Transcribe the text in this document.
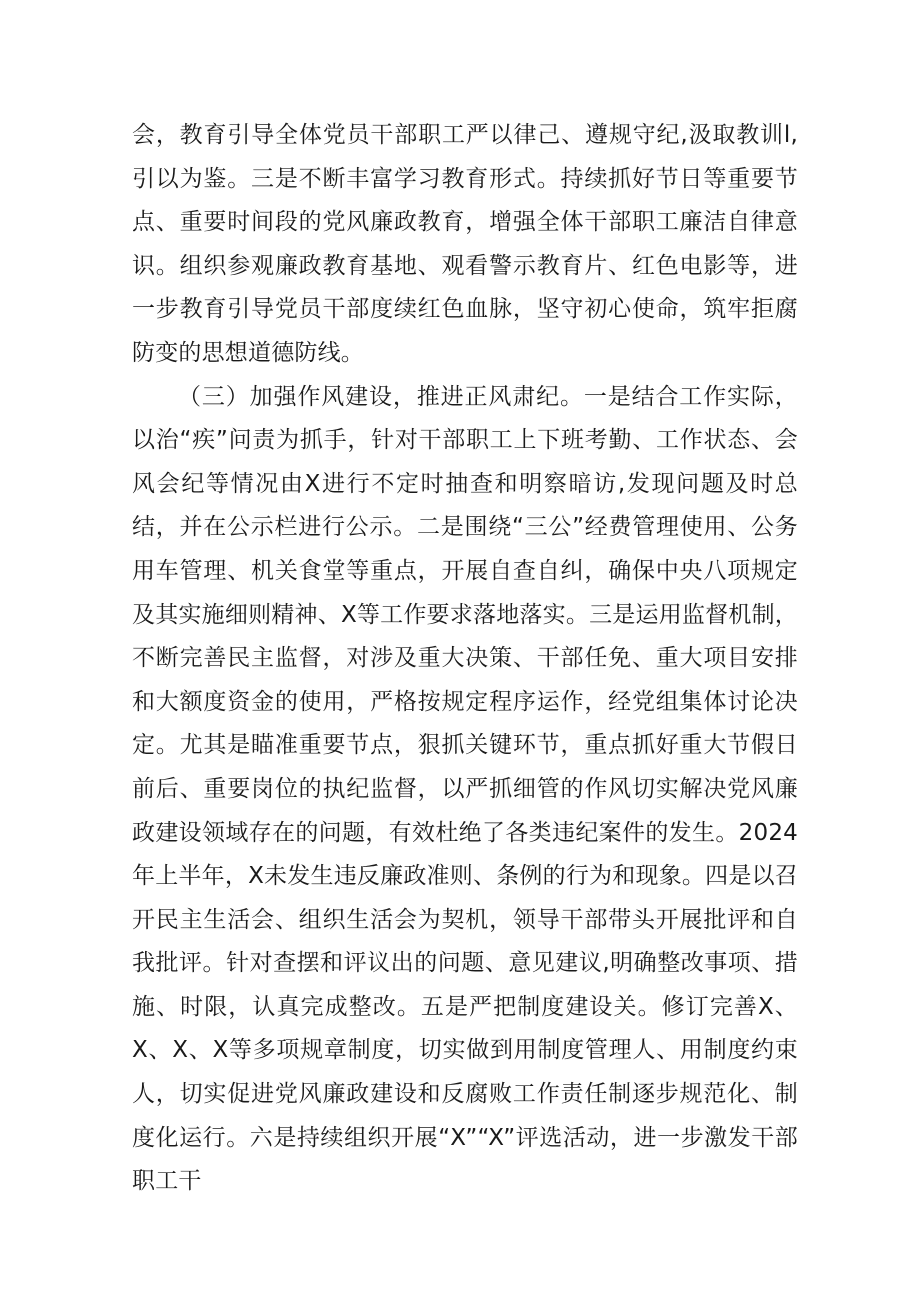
会，教育引导全体党员干部职工严以律己、遵规守纪,汲取教训l,引以为鉴。三是不断丰富学习教育形式。持续抓好节日等重要节点、重要时间段的党风廉政教育，增强全体干部职工廉洁自律意识。组织参观廉政教育基地、观看警示教育片、红色电影等，进一步教育引导党员干部度续红色血脉，坚守初心使命，筑牢拒腐防变的思想道德防线。

（三）加强作风建设，推进正风肃纪。一是结合工作实际，以治“疾”问责为抓手，针对干部职工上下班考勤、工作状态、会风会纪等情况由X进行不定时抽查和明察暗访,发现问题及时总结，并在公示栏进行公示。二是围绕“三公”经费管理使用、公务用车管理、机关食堂等重点，开展自查自纠，确保中央八项规定及其实施细则精神、X等工作要求落地落实。三是运用监督机制，不断完善民主监督，对涉及重大决策、干部任免、重大项目安排和大额度资金的使用，严格按规定程序运作，经党组集体讨论决定。尤其是瞄准重要节点，狠抓关键环节，重点抓好重大节假日前后、重要岗位的执纪监督，以严抓细管的作风切实解决党风廉政建设领域存在的问题，有效杜绝了各类违纪案件的发生。2024年上半年，X未发生违反廉政准则、条例的行为和现象。四是以召开民主生活会、组织生活会为契机，领导干部带头开展批评和自我批评。针对查摆和评议出的问题、意见建议,明确整改事项、措施、时限，认真完成整改。五是严把制度建设关。修订完善X、X、X、X等多项规章制度，切实做到用制度管理人、用制度约束人，切实促进党风廉政建设和反腐败工作责任制逐步规范化、制度化运行。六是持续组织开展“X”“X”评选活动，进一步激发干部职工干
